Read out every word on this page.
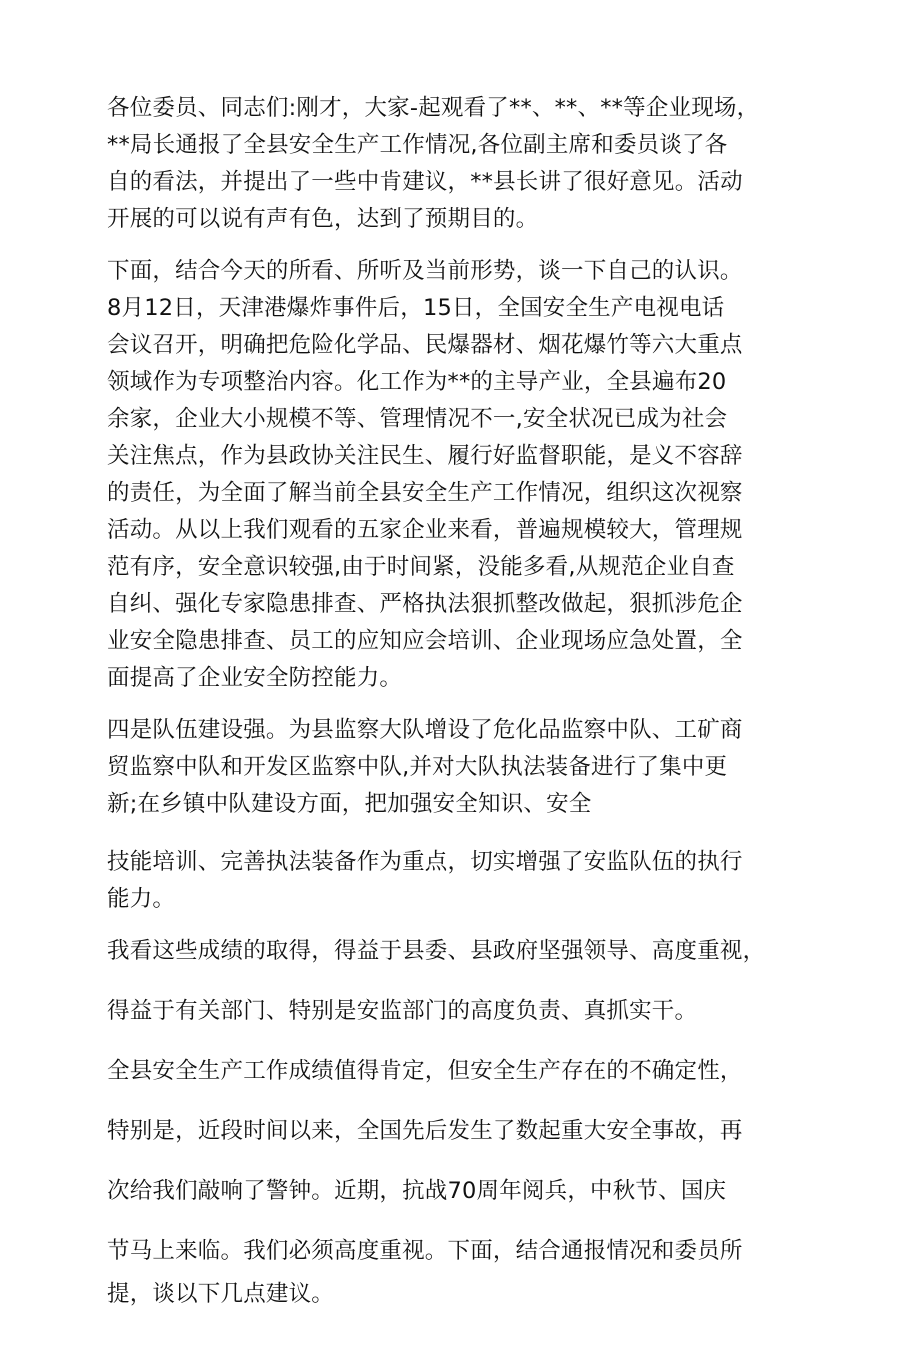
各位委员、同志们:刚才，大家-起观看了**、**、**等企业现场，
**局长通报了全县安全生产工作情况,各位副主席和委员谈了各
自的看法，并提出了一些中肯建议，**县长讲了很好意见。活动
开展的可以说有声有色，达到了预期目的。
下面，结合今天的所看、所听及当前形势，谈一下自己的认识。
8月12日，天津港爆炸事件后，15日，全国安全生产电视电话
会议召开，明确把危险化学品、民爆器材、烟花爆竹等六大重点
领域作为专项整治内容。化工作为**的主导产业，全县遍布20
余家，企业大小规模不等、管理情况不一,安全状况已成为社会
关注焦点，作为县政协关注民生、履行好监督职能，是义不容辞
的责任，为全面了解当前全县安全生产工作情况，组织这次视察
活动。从以上我们观看的五家企业来看，普遍规模较大，管理规
范有序，安全意识较强,由于时间紧，没能多看,从规范企业自查
自纠、强化专家隐患排查、严格执法狠抓整改做起，狠抓涉危企
业安全隐患排查、员工的应知应会培训、企业现场应急处置，全
面提高了企业安全防控能力。
四是队伍建设强。为县监察大队增设了危化品监察中队、工矿商
贸监察中队和开发区监察中队,并对大队执法装备进行了集中更
新;在乡镇中队建设方面，把加强安全知识、安全
技能培训、完善执法装备作为重点，切实增强了安监队伍的执行
能力。
我看这些成绩的取得，得益于县委、县政府坚强领导、高度重视，
得益于有关部门、特别是安监部门的高度负责、真抓实干。
全县安全生产工作成绩值得肯定，但安全生产存在的不确定性，
特别是，近段时间以来，全国先后发生了数起重大安全事故，再
次给我们敲响了警钟。近期，抗战70周年阅兵，中秋节、国庆
节马上来临。我们必须高度重视。下面，结合通报情况和委员所
提，谈以下几点建议。
